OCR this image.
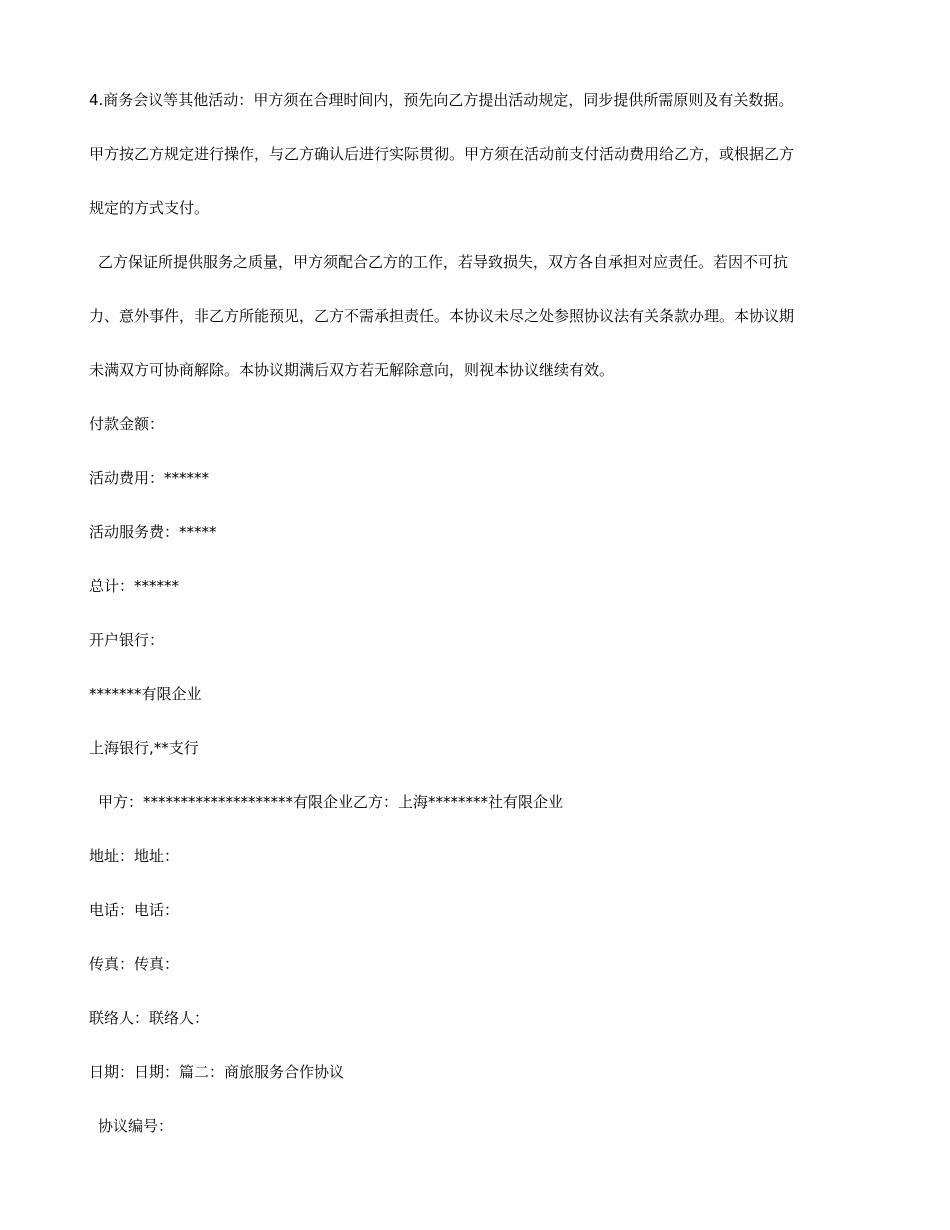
4.商务会议等其他活动：甲方须在合理时间内，预先向乙方提出活动规定，同步提供所需原则及有关数据。
甲方按乙方规定进行操作，与乙方确认后进行实际贯彻。甲方须在活动前支付活动费用给乙方，或根据乙方
规定的方式支付。
乙方保证所提供服务之质量，甲方须配合乙方的工作，若导致损失，双方各自承担对应责任。若因不可抗
力、意外事件，非乙方所能预见，乙方不需承担责任。本协议未尽之处参照协议法有关条款办理。本协议期
未满双方可协商解除。本协议期满后双方若无解除意向，则视本协议继续有效。
付款金额：
活动费用：******
活动服务费：*****
总计：******
开户银行：
*******有限企业
上海银行,**支行
甲方：********************有限企业乙方：上海********社有限企业
地址：地址：
电话：电话：
传真：传真：
联络人：联络人：
日期：日期：篇二：商旅服务合作协议
协议编号：
